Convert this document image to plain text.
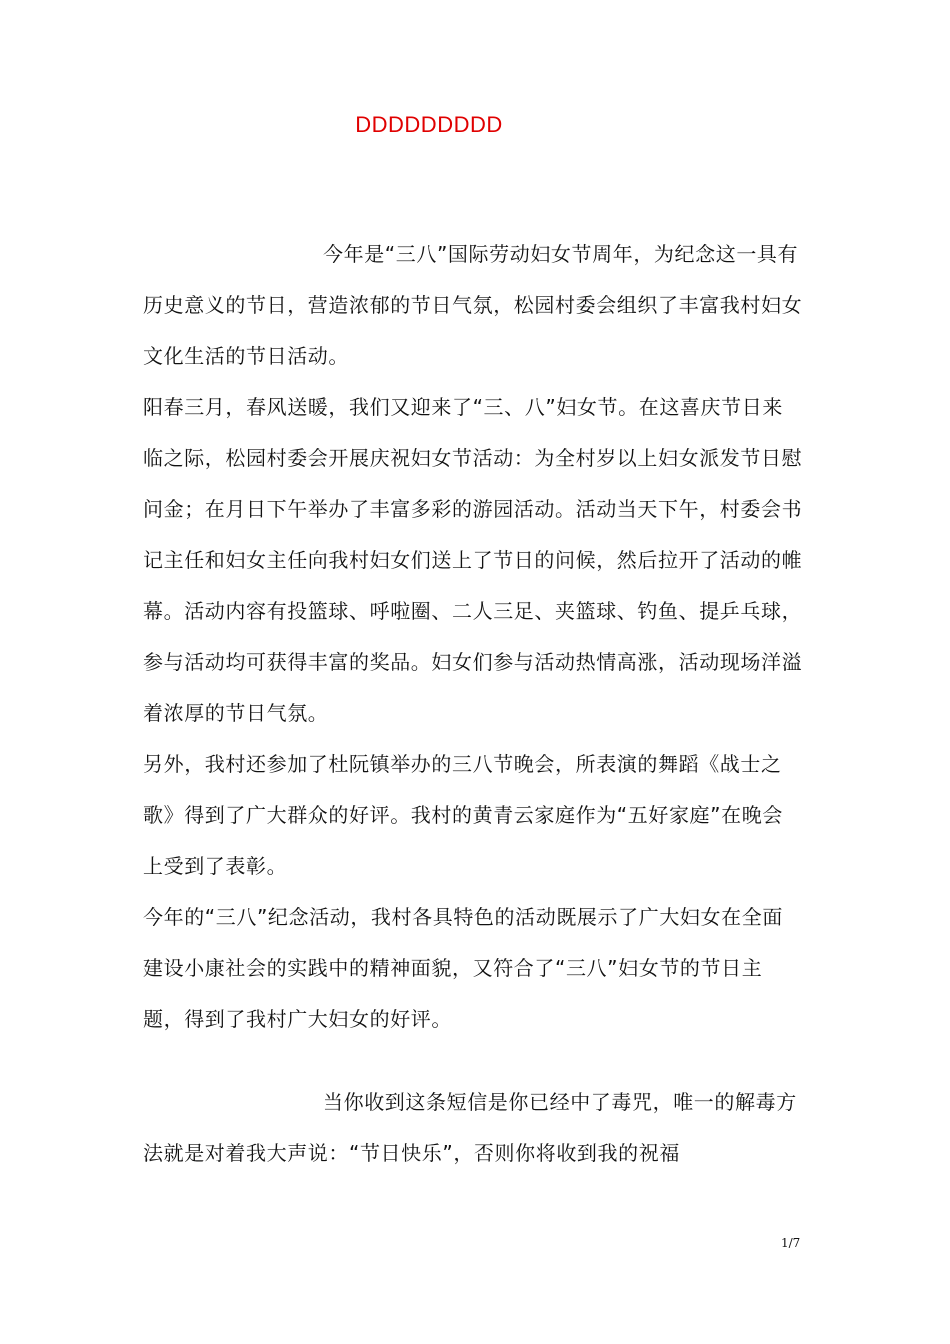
DDDDDDDDD

今年是“三八”国际劳动妇女节周年，为纪念这一具有历史意义的节日，营造浓郁的节日气氛，松园村委会组织了丰富我村妇女文化生活的节日活动。

阳春三月，春风送暖，我们又迎来了“三、八”妇女节。在这喜庆节日来临之际，松园村委会开展庆祝妇女节活动：为全村岁以上妇女派发节日慰问金；在月日下午举办了丰富多彩的游园活动。活动当天下午，村委会书记主任和妇女主任向我村妇女们送上了节日的问候，然后拉开了活动的帷幕。活动内容有投篮球、呼啦圈、二人三足、夹篮球、钓鱼、提乒乓球，参与活动均可获得丰富的奖品。妇女们参与活动热情高涨，活动现场洋溢着浓厚的节日气氛。

另外，我村还参加了杜阮镇举办的三八节晚会，所表演的舞蹈《战士之歌》得到了广大群众的好评。我村的黄青云家庭作为“五好家庭”在晚会上受到了表彰。

今年的“三八”纪念活动，我村各具特色的活动既展示了广大妇女在全面建设小康社会的实践中的精神面貌，又符合了“三八”妇女节的节日主题，得到了我村广大妇女的好评。

当你收到这条短信是你已经中了毒咒，唯一的解毒方法就是对着我大声说：“节日快乐”，否则你将收到我的祝福

1/7
